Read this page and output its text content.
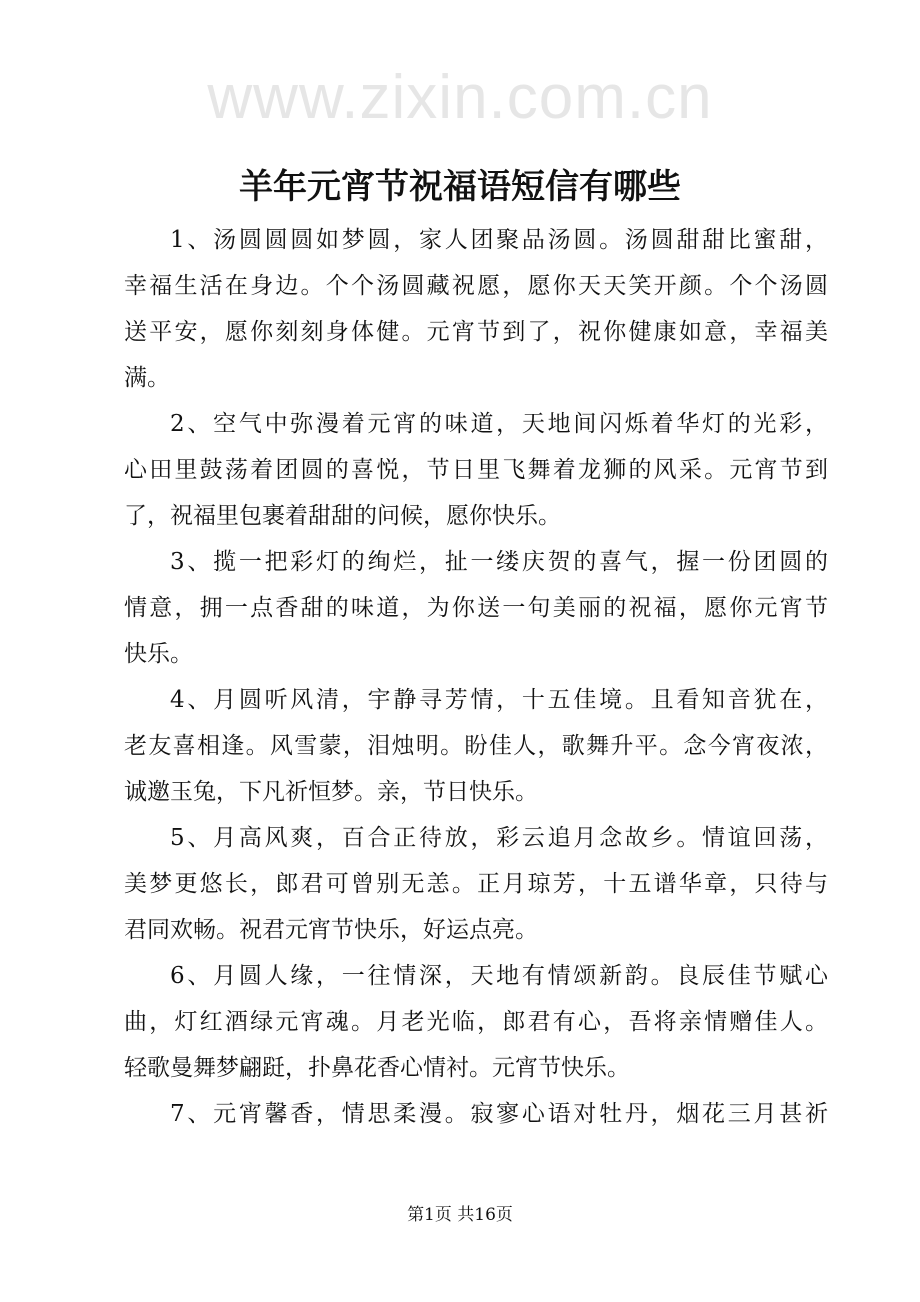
www.zixin.com.cn
羊年元宵节祝福语短信有哪些
1、汤圆圆圆如梦圆，家人团聚品汤圆。汤圆甜甜比蜜甜，
幸福生活在身边。个个汤圆藏祝愿，愿你天天笑开颜。个个汤圆
送平安，愿你刻刻身体健。元宵节到了，祝你健康如意，幸福美
满。
2、空气中弥漫着元宵的味道，天地间闪烁着华灯的光彩，
心田里鼓荡着团圆的喜悦，节日里飞舞着龙狮的风采。元宵节到
了，祝福里包裹着甜甜的问候，愿你快乐。
3、揽一把彩灯的绚烂，扯一缕庆贺的喜气，握一份团圆的
情意，拥一点香甜的味道，为你送一句美丽的祝福，愿你元宵节
快乐。
4、月圆听风清，宇静寻芳情，十五佳境。且看知音犹在，
老友喜相逢。风雪蒙，泪烛明。盼佳人，歌舞升平。念今宵夜浓，
诚邀玉兔，下凡祈恒梦。亲，节日快乐。
5、月高风爽，百合正待放，彩云追月念故乡。情谊回荡，
美梦更悠长，郎君可曾别无恙。正月琼芳，十五谱华章，只待与
君同欢畅。祝君元宵节快乐，好运点亮。
6、月圆人缘，一往情深，天地有情颂新韵。良辰佳节赋心
曲，灯红酒绿元宵魂。月老光临，郎君有心，吾将亲情赠佳人。
轻歌曼舞梦翩跹，扑鼻花香心情衬。元宵节快乐。
7、元宵馨香，情思柔漫。寂寥心语对牡丹，烟花三月甚祈
第1页 共16页
